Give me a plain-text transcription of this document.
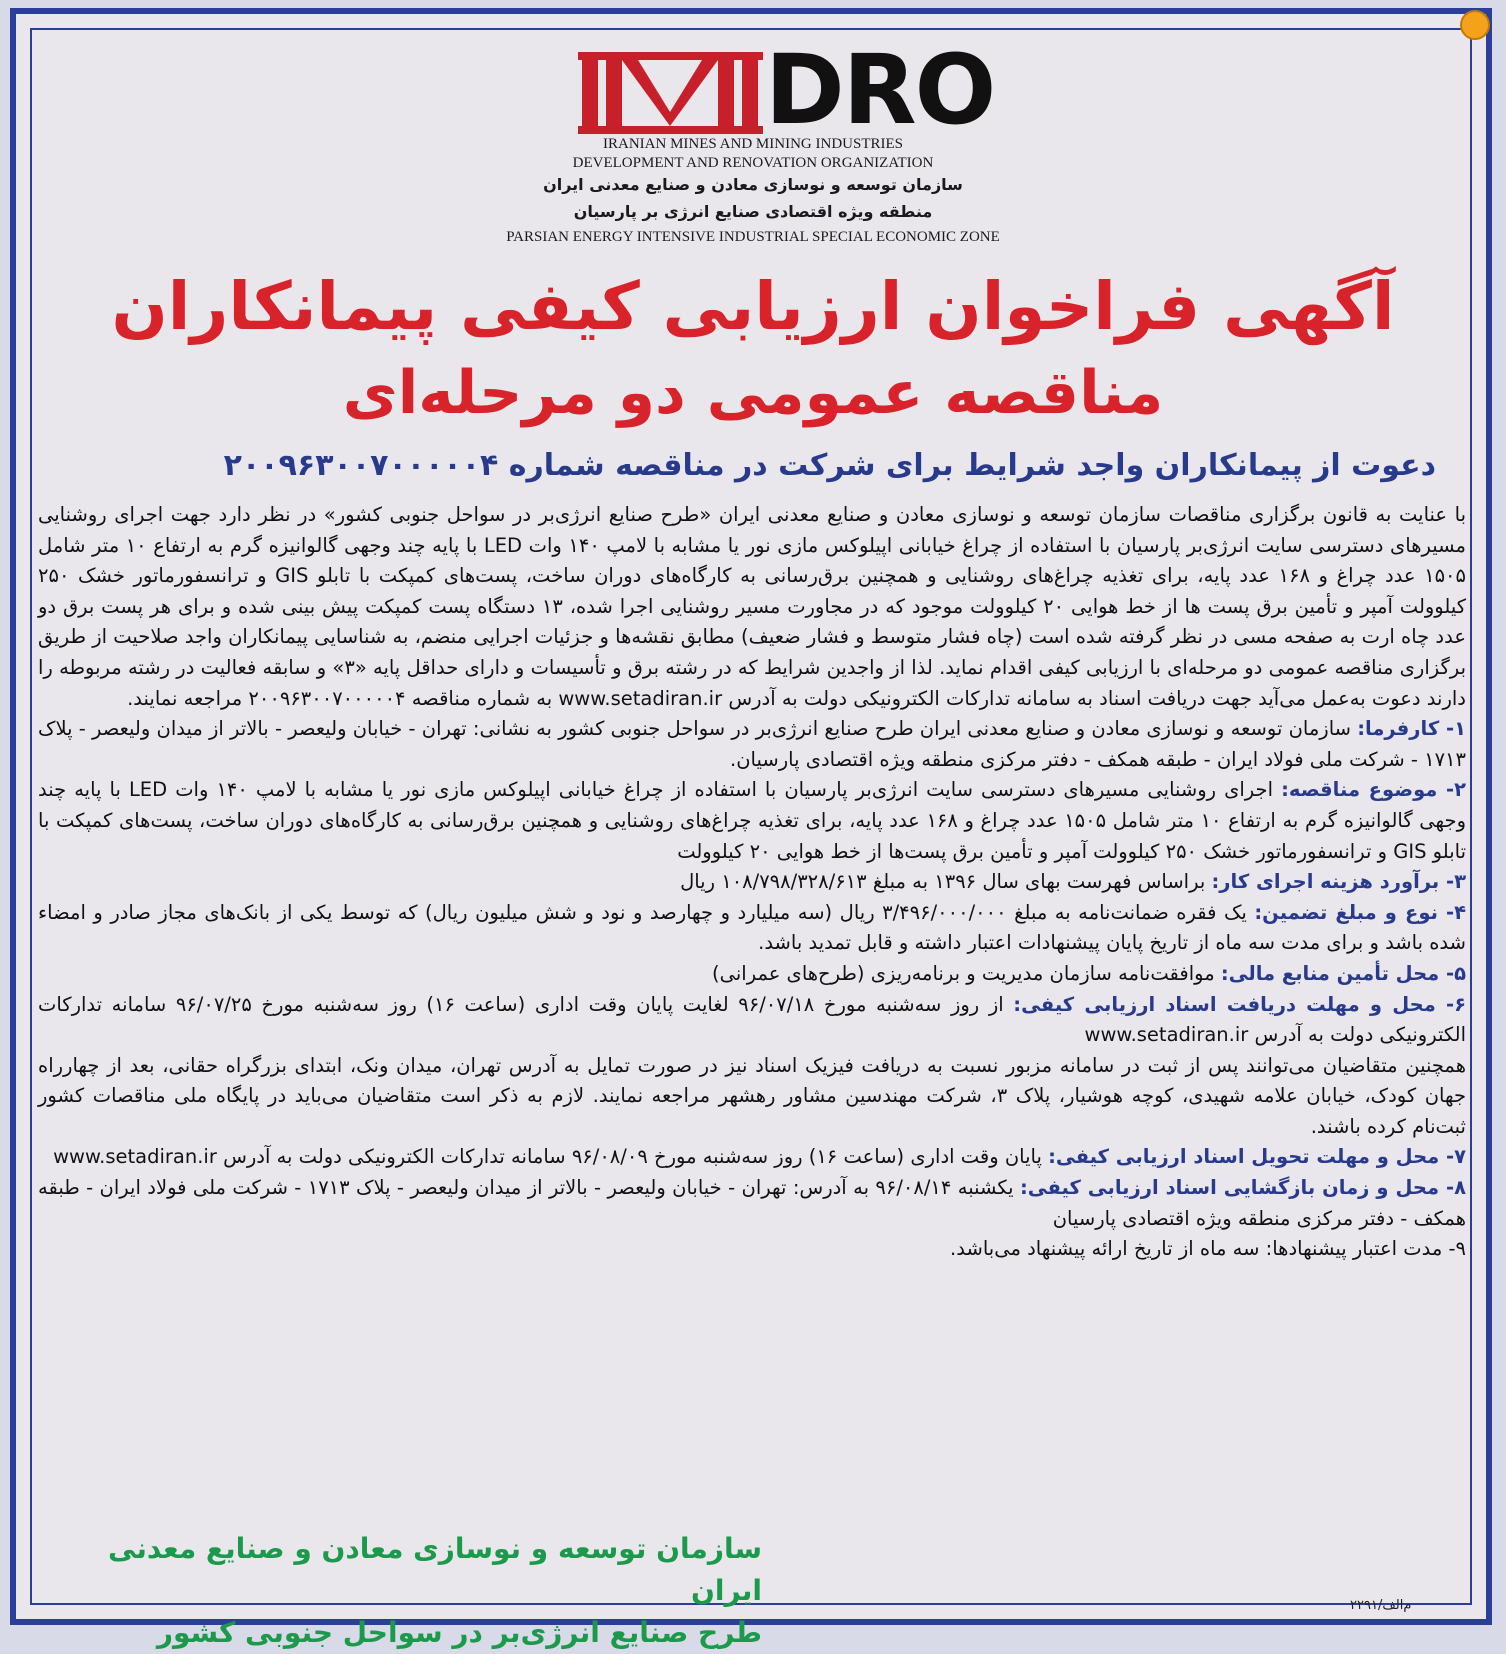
DRO
IRANIAN MINES AND MINING INDUSTRIES
DEVELOPMENT AND RENOVATION ORGANIZATION
سازمان توسعه و نوسازی معادن و صنایع معدنی ایران
منطقه ویژه اقتصادی صنایع انرژی بر پارسیان
PARSIAN ENERGY INTENSIVE INDUSTRIAL SPECIAL ECONOMIC ZONE
آگهی فراخوان ارزیابی کیفی پیمانکاران
مناقصه عمومی دو مرحله‌ای
دعوت از پیمانکاران واجد شرایط برای شرکت در مناقصه شماره ۲۰۰۹۶۳۰۰۷۰۰۰۰۰۴

با عنایت به قانون برگزاری مناقصات سازمان توسعه و نوسازی معادن و صنایع معدنی ایران «طرح صنایع انرژی‌بر در سواحل جنوبی کشور» در نظر دارد جهت اجرای روشنایی مسیرهای دسترسی سایت انرژی‌بر پارسیان با استفاده از چراغ خیابانی اپیلوکس مازی نور یا مشابه با لامپ ۱۴۰ وات LED با پایه چند وجهی گالوانیزه گرم به ارتفاع ۱۰ متر شامل ۱۵۰۵ عدد چراغ و ۱۶۸ عدد پایه، برای تغذیه چراغ‌های روشنایی و همچنین برق‌رسانی به کارگاه‌های دوران ساخت، پست‌های کمپکت با تابلو GIS و ترانسفورماتور خشک ۲۵۰ کیلوولت آمپر و تأمین برق پست ها از خط هوایی ۲۰ کیلوولت موجود که در مجاورت مسیر روشنایی اجرا شده، ۱۳ دستگاه پست کمپکت پیش بینی شده و برای هر پست برق دو عدد چاه ارت به صفحه مسی در نظر گرفته شده است (چاه فشار متوسط و فشار ضعیف) مطابق نقشه‌ها و جزئیات اجرایی منضم، به شناسایی پیمانکاران واجد صلاحیت از طریق برگزاری مناقصه عمومی دو مرحله‌ای با ارزیابی کیفی اقدام نماید. لذا از واجدین شرایط که در رشته برق و تأسیسات و دارای حداقل پایه «۳» و سابقه فعالیت در رشته مربوطه را دارند دعوت به‌عمل می‌آید جهت دریافت اسناد به سامانه تدارکات الکترونیکی دولت به آدرس www.setadiran.ir به شماره مناقصه ۲۰۰۹۶۳۰۰۷۰۰۰۰۰۴ مراجعه نمایند.

۱- کارفرما: سازمان توسعه و نوسازی معادن و صنایع معدنی ایران طرح صنایع انرژی‌بر در سواحل جنوبی کشور به نشانی: تهران - خیابان ولیعصر - بالاتر از میدان ولیعصر - پلاک ۱۷۱۳ - شرکت ملی فولاد ایران - طبقه همکف - دفتر مرکزی منطقه ویژه اقتصادی پارسیان.

۲- موضوع مناقصه: اجرای روشنایی مسیرهای دسترسی سایت انرژی‌بر پارسیان با استفاده از چراغ خیابانی اپیلوکس مازی نور یا مشابه با لامپ ۱۴۰ وات LED با پایه چند وجهی گالوانیزه گرم به ارتفاع ۱۰ متر شامل ۱۵۰۵ عدد چراغ و ۱۶۸ عدد پایه، برای تغذیه چراغ‌های روشنایی و همچنین برق‌رسانی به کارگاه‌های دوران ساخت، پست‌های کمپکت با تابلو GIS و ترانسفورماتور خشک ۲۵۰ کیلوولت آمپر و تأمین برق پست‌ها از خط هوایی ۲۰ کیلوولت

۳- برآورد هزینه اجرای کار: براساس فهرست بهای سال ۱۳۹۶ به مبلغ ۱۰۸/۷۹۸/۳۲۸/۶۱۳ ریال

۴- نوع و مبلغ تضمین: یک فقره ضمانت‌نامه به مبلغ ۳/۴۹۶/۰۰۰/۰۰۰ ریال (سه میلیارد و چهارصد و نود و شش میلیون ریال) که توسط یکی از بانک‌های مجاز صادر و امضاء شده باشد و برای مدت سه ماه از تاریخ پایان پیشنهادات اعتبار داشته و قابل تمدید باشد.

۵- محل تأمین منابع مالی: موافقت‌نامه سازمان مدیریت و برنامه‌ریزی (طرح‌های عمرانی)

۶- محل و مهلت دریافت اسناد ارزیابی کیفی: از روز سه‌شنبه مورخ ۹۶/۰۷/۱۸ لغایت پایان وقت اداری (ساعت ۱۶) روز سه‌شنبه مورخ ۹۶/۰۷/۲۵ سامانه تدارکات الکترونیکی دولت به آدرس www.setadiran.ir

همچنین متقاضیان می‌توانند پس از ثبت در سامانه مزبور نسبت به دریافت فیزیک اسناد نیز در صورت تمایل به آدرس تهران، میدان ونک، ابتدای بزرگراه حقانی، بعد از چهارراه جهان کودک، خیابان علامه شهیدی، کوچه هوشیار، پلاک ۳، شرکت مهندسین مشاور رهشهر مراجعه نمایند. لازم به ذکر است متقاضیان می‌باید در پایگاه ملی مناقصات کشور ثبت‌نام کرده باشند.

۷- محل و مهلت تحویل اسناد ارزیابی کیفی: پایان وقت اداری (ساعت ۱۶) روز سه‌شنبه مورخ ۹۶/۰۸/۰۹ سامانه تدارکات الکترونیکی دولت به آدرس www.setadiran.ir

۸- محل و زمان بازگشایی اسناد ارزیابی کیفی: یکشنبه ۹۶/۰۸/۱۴ به آدرس: تهران - خیابان ولیعصر - بالاتر از میدان ولیعصر - پلاک ۱۷۱۳ - شرکت ملی فولاد ایران - طبقه همکف - دفتر مرکزی منطقه ویژه اقتصادی پارسیان

۹- مدت اعتبار پیشنهادها: سه ماه از تاریخ ارائه پیشنهاد می‌باشد.

سازمان توسعه و نوسازی معادن و صنایع معدنی ایران
طرح صنایع انرژی‌بر در سواحل جنوبی کشور
م‌الف/۲۲۹۱
